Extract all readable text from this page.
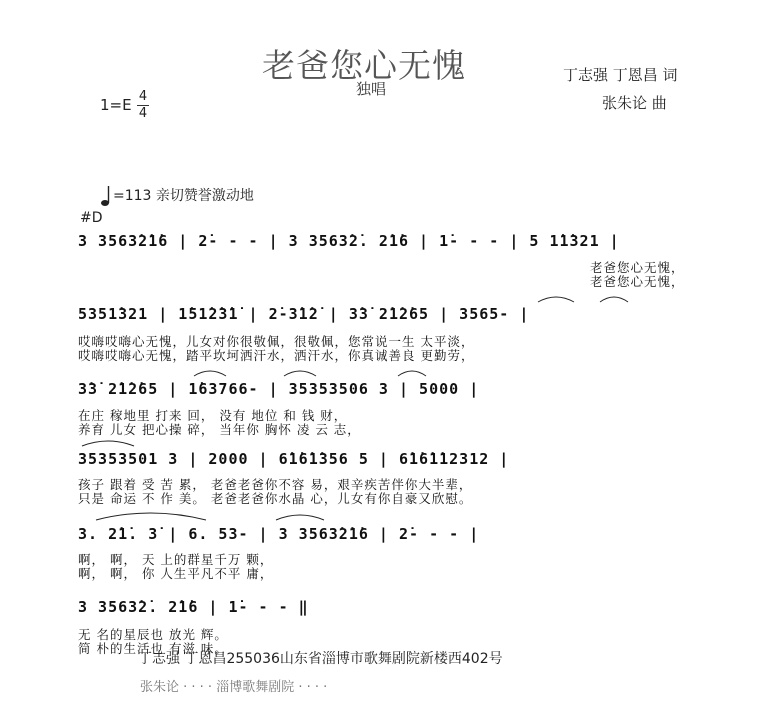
老爸您心无愧
独唱
丁志强 丁恩昌 词
张朱论 曲
1=E 4
4
=113 亲切赞誉激动地
#D
3 3563̇2̇1̇6 | 2̇- - - | 3 3563̇2̇. 2̇1̇6 | 1̇- - - | 5 1̇1̇321 |
老爸您心无愧，
老爸您心无愧，
5351̇321 | 1̇51̇2̇3̇1̇ | 2̇-3̇1̇2̇ | 3̇3̇ 2̇1̇2̇65 | 3565- |
哎嗨哎嗨心无愧，儿女对你很敬佩，很敬佩，您常说一生 太平淡，
哎嗨哎嗨心无愧，踏平坎坷洒汗水，洒汗水，你真诚善良 更勤劳，
3̇3̇ 2̇1̇2̇65 | 1̇63766- | 35353506 3 | 5000 |
在庄 稼地里 打来 回， 没有 地位 和 钱 财，
养育 儿女 把心操 碎， 当年你 胸怀 凌 云 志，
35353501 3 | 2000 | 6̇1̇6̇1̇356 5 | 6̇1̇6̇1̇12312 |
孩子 跟着 受 苦 累， 老爸老爸你不容 易，艰辛疾苦伴你大半辈，
只是 命运 不 作 美。 老爸老爸你水晶 心，儿女有你自豪又欣慰。
3. 2̇1̇. 3̇ | 6. 53- | 3 3563̇2̇1̇6 | 2̇- - - |
啊， 啊， 天 上的群星千万 颗，
啊， 啊， 你 人生平凡不平 庸，
3 3563̇2̇. 2̇1̇6 | 1̇- - - ‖
无 名的星辰也 放光 辉。
简 朴的生活也 有滋 味。
丁志强 丁恩昌255036山东省淄博市歌舞剧院新楼西402号
张朱论 · · · · 淄博歌舞剧院 · · · ·
